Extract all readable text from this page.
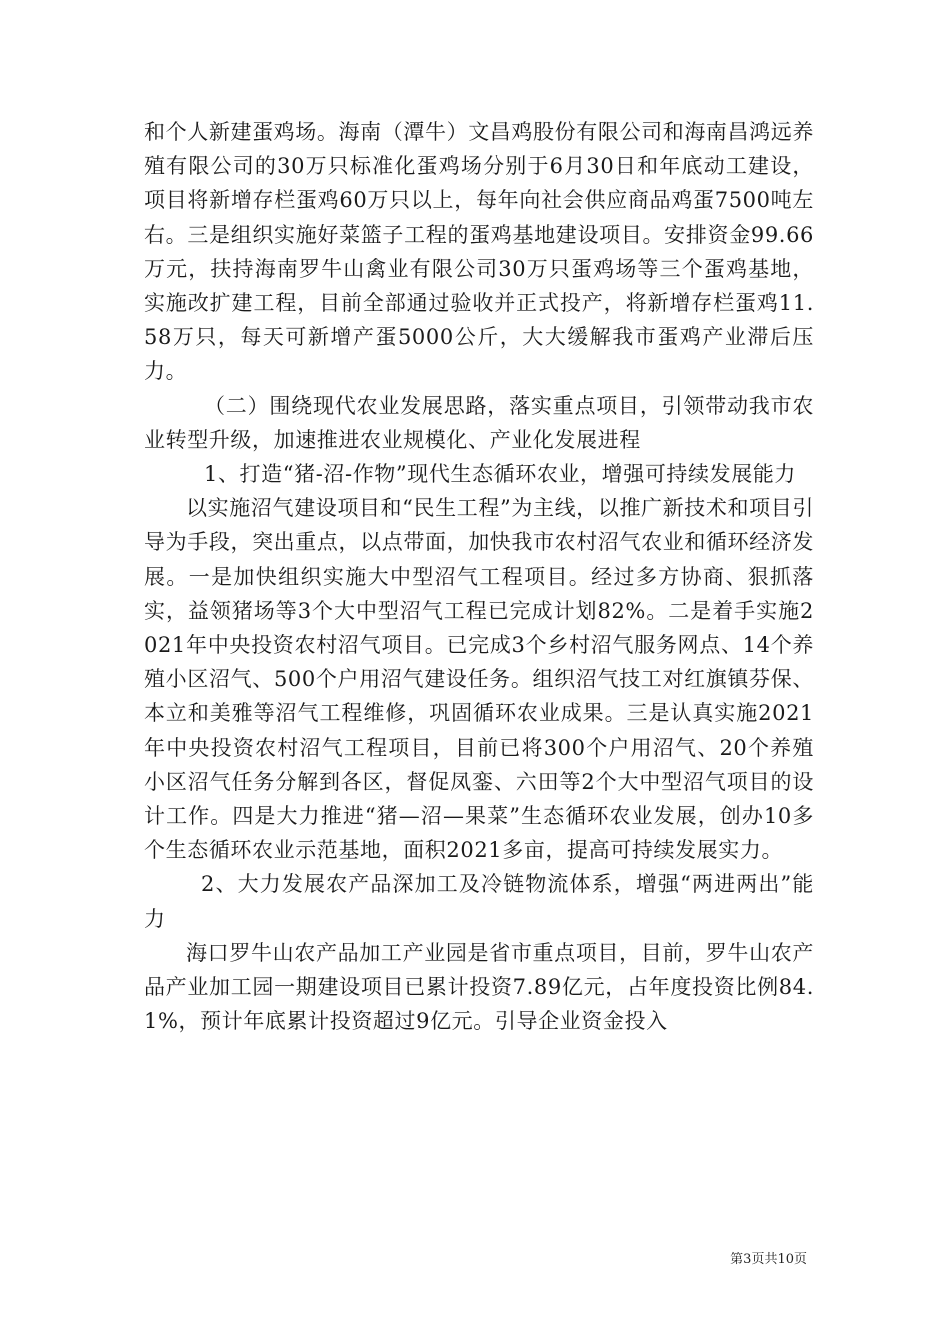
和个人新建蛋鸡场。海南（潭牛）文昌鸡股份有限公司和海南昌鸿远养殖有限公司的30万只标准化蛋鸡场分别于6月30日和年底动工建设，项目将新增存栏蛋鸡60万只以上，每年向社会供应商品鸡蛋7500吨左右。三是组织实施好菜篮子工程的蛋鸡基地建设项目。安排资金99.66万元，扶持海南罗牛山禽业有限公司30万只蛋鸡场等三个蛋鸡基地，实施改扩建工程，目前全部通过验收并正式投产，将新增存栏蛋鸡11.58万只，每天可新增产蛋5000公斤，大大缓解我市蛋鸡产业滞后压力。

（二）围绕现代农业发展思路，落实重点项目，引领带动我市农业转型升级，加速推进农业规模化、产业化发展进程

1、打造“猪-沼-作物”现代生态循环农业，增强可持续发展能力

以实施沼气建设项目和“民生工程”为主线，以推广新技术和项目引导为手段，突出重点，以点带面，加快我市农村沼气农业和循环经济发展。一是加快组织实施大中型沼气工程项目。经过多方协商、狠抓落实，益领猪场等3个大中型沼气工程已完成计划82%。二是着手实施2021年中央投资农村沼气项目。已完成3个乡村沼气服务网点、14个养殖小区沼气、500个户用沼气建设任务。组织沼气技工对红旗镇芬保、本立和美雅等沼气工程维修，巩固循环农业成果。三是认真实施2021年中央投资农村沼气工程项目，目前已将300个户用沼气、20个养殖小区沼气任务分解到各区，督促凤銮、六田等2个大中型沼气项目的设计工作。四是大力推进“猪—沼—果菜”生态循环农业发展，创办10多个生态循环农业示范基地，面积2021多亩，提高可持续发展实力。

2、大力发展农产品深加工及冷链物流体系，增强“两进两出”能力

海口罗牛山农产品加工产业园是省市重点项目，目前，罗牛山农产品产业加工园一期建设项目已累计投资7.89亿元，占年度投资比例84.1%，预计年底累计投资超过9亿元。引导企业资金投入

第3页共10页
